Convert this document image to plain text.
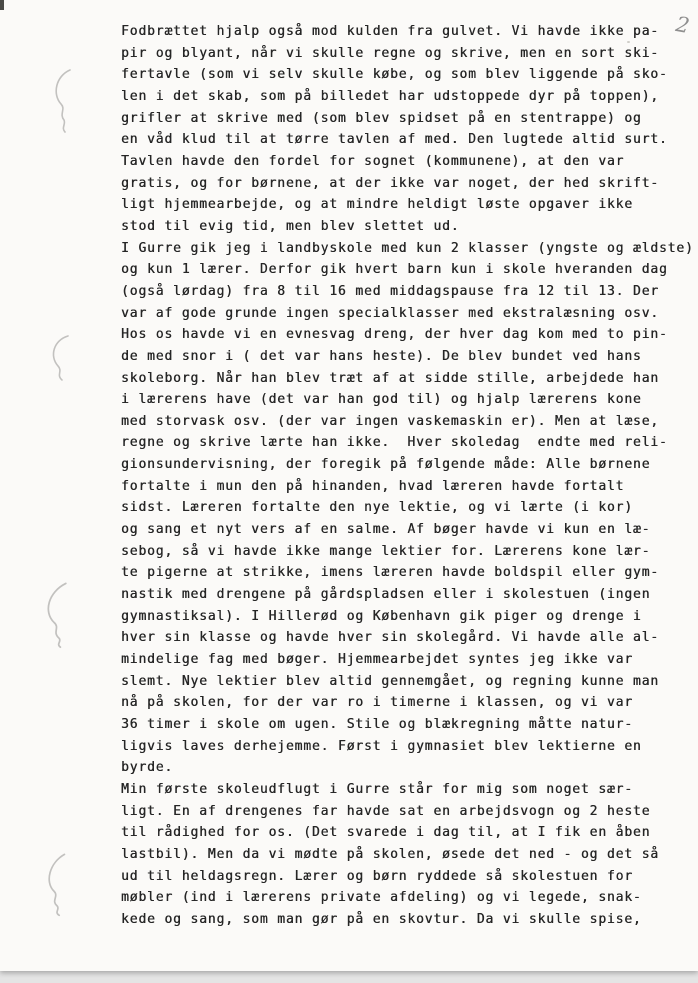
2
Fodbrættet hjalp også mod kulden fra gulvet. Vi havde ikke pa-
pir og blyant, når vi skulle regne og skrive, men en sort ski-
fertavle (som vi selv skulle købe, og som blev liggende på sko-
len i det skab, som på billedet har udstoppede dyr på toppen),
grifler at skrive med (som blev spidset på en stentrappe) og
en våd klud til at tørre tavlen af med. Den lugtede altid surt.
Tavlen havde den fordel for sognet (kommunene), at den var
gratis, og for børnene, at der ikke var noget, der hed skrift-
ligt hjemmearbejde, og at mindre heldigt løste opgaver ikke
stod til evig tid, men blev slettet ud.
I Gurre gik jeg i landbyskole med kun 2 klasser (yngste og ældste)
og kun 1 lærer. Derfor gik hvert barn kun i skole hveranden dag
(også lørdag) fra 8 til 16 med middagspause fra 12 til 13. Der
var af gode grunde ingen specialklasser med ekstralæsning osv.
Hos os havde vi en evnesvag dreng, der hver dag kom med to pin-
de med snor i ( det var hans heste). De blev bundet ved hans
skoleborg. Når han blev træt af at sidde stille, arbejdede han
i lærerens have (det var han god til) og hjalp lærerens kone
med storvask osv. (der var ingen vaskemaskin er). Men at læse,
regne og skrive lærte han ikke.  Hver skoledag  endte med reli-
gionsundervisning, der foregik på følgende måde: Alle børnene
fortalte i mun den på hinanden, hvad læreren havde fortalt
sidst. Læreren fortalte den nye lektie, og vi lærte (i kor)
og sang et nyt vers af en salme. Af bøger havde vi kun en læ-
sebog, så vi havde ikke mange lektier for. Lærerens kone lær-
te pigerne at strikke, imens læreren havde boldspil eller gym-
nastik med drengene på gårdspladsen eller i skolestuen (ingen
gymnastiksal). I Hillerød og København gik piger og drenge i
hver sin klasse og havde hver sin skolegård. Vi havde alle al-
mindelige fag med bøger. Hjemmearbejdet syntes jeg ikke var
slemt. Nye lektier blev altid gennemgået, og regning kunne man
nå på skolen, for der var ro i timerne i klassen, og vi var
36 timer i skole om ugen. Stile og blækregning måtte natur-
ligvis laves derhejemme. Først i gymnasiet blev lektierne en
byrde.
Min første skoleudflugt i Gurre står for mig som noget sær-
ligt. En af drengenes far havde sat en arbejdsvogn og 2 heste
til rådighed for os. (Det svarede i dag til, at I fik en åben
lastbil). Men da vi mødte på skolen, øsede det ned - og det så
ud til heldagsregn. Lærer og børn ryddede så skolestuen for
møbler (ind i lærerens private afdeling) og vi legede, snak-
kede og sang, som man gør på en skovtur. Da vi skulle spise,
